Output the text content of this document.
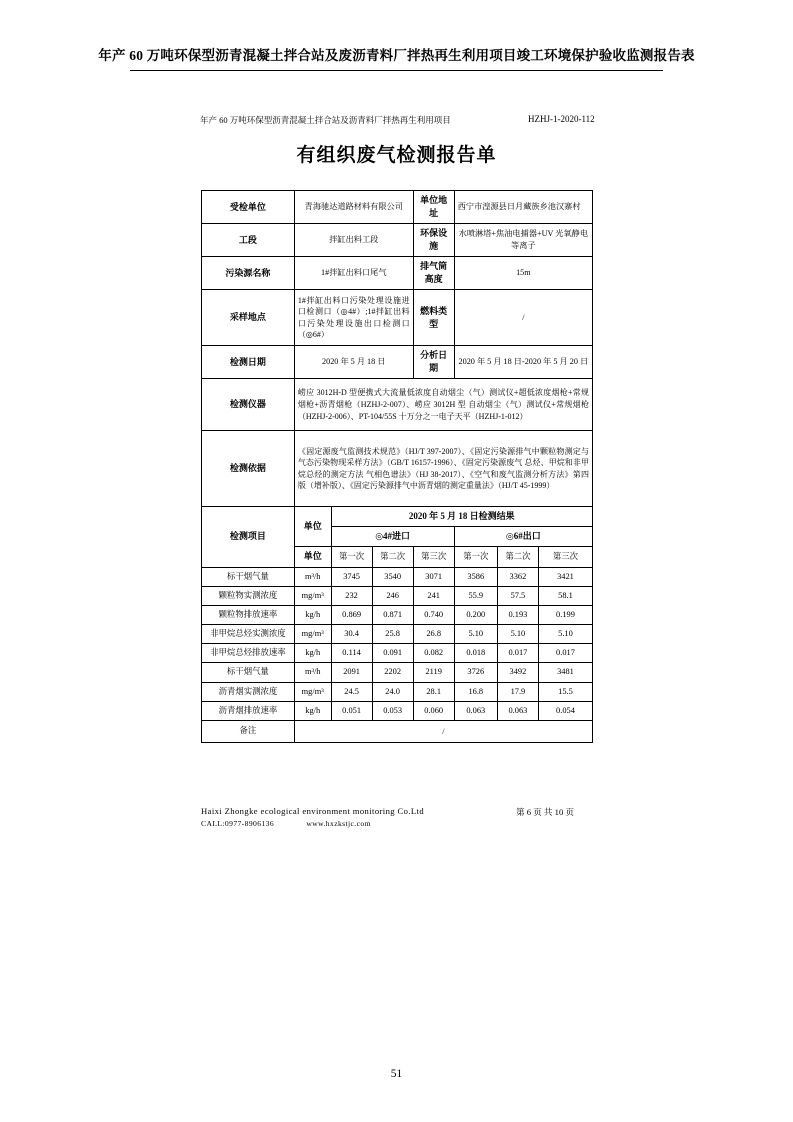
年产 60 万吨环保型沥青混凝土拌合站及废沥青料厂拌热再生利用项目竣工环境保护验收监测报告表
年产 60 万吨环保型沥青混凝土拌合站及沥青料厂拌热再生利用项目	HZHJ-1-2020-112
有组织废气检测报告单
受检单位	青海驰达道路材料有限公司			单位地址	西宁市湟源县日月藏族乡池汉寨村		
工段	拌缸出料工段			环保设施	水喷淋塔+焦油电捕器+UV 光氧静电等离子		
污染源名称	1#拌缸出料口尾气			排气筒高度	15m		
采样地点	1#拌缸出料口污染处理设施进口检测口（◎4#）;1#拌缸出料口污染处理设施出口检测口（◎6#）			燃料类型	/		
检测日期	2020 年 5 月 18 日			分析日期	2020 年 5 月 18 日-2020 年 5 月 20 日		
检测仪器	崂应 3012H-D 型便携式大流量低浓度自动烟尘（气）测试仪+超低浓度烟枪+常规烟枪+沥青烟枪（HZHJ-2-007）、崂应 3012H 型 自动烟尘（气）测试仪+常规烟枪（HZHJ-2-006）、PT-104/55S 十万分之一电子天平（HZHJ-1-012）						
检测依据	《固定源废气监测技术规范》（HJ/T 397-2007）、《固定污染源排气中颗粒物测定与气态污染物现采样方法》（GB/T 16157-1996）、《固定污染源废气 总烃、甲烷和非甲烷总烃的测定方法 气相色谱法》（HJ 38-2017）、《空气和废气监测分析方法》第四版（增补版）、《固定污染源排气中沥青烟的测定重量法》（HJ/T 45-1999）						
检测项目	单位	2020 年 5 月 18 日检测结果					
		◎4#进口			◎6#出口		
	单位	第一次	第二次	第三次	第一次	第二次	第三次
标干烟气量	m³/h	3745	3540	3071	3586	3362	3421
颗粒物实测浓度	mg/m³	232	246	241	55.9	57.5	58.1
颗粒物排放速率	kg/h	0.869	0.871	0.740	0.200	0.193	0.199
非甲烷总烃实测浓度	mg/m³	30.4	25.8	26.8	5.10	5.10	5.10
非甲烷总烃排放速率	kg/h	0.114	0.091	0.082	0.018	0.017	0.017
标干烟气量	m³/h	2091	2202	2119	3726	3492	3481
沥青烟实测浓度	mg/m³	24.5	24.0	28.1	16.8	17.9	15.5
沥青烟排放速率	kg/h	0.051	0.053	0.060	0.063	0.063	0.054
备注	/						
Haixi Zhongke ecological environment monitoring Co.Ltd
CALL:0977-8906136	www.hxzkstjc.com
第 6 页 共 10 页
51
